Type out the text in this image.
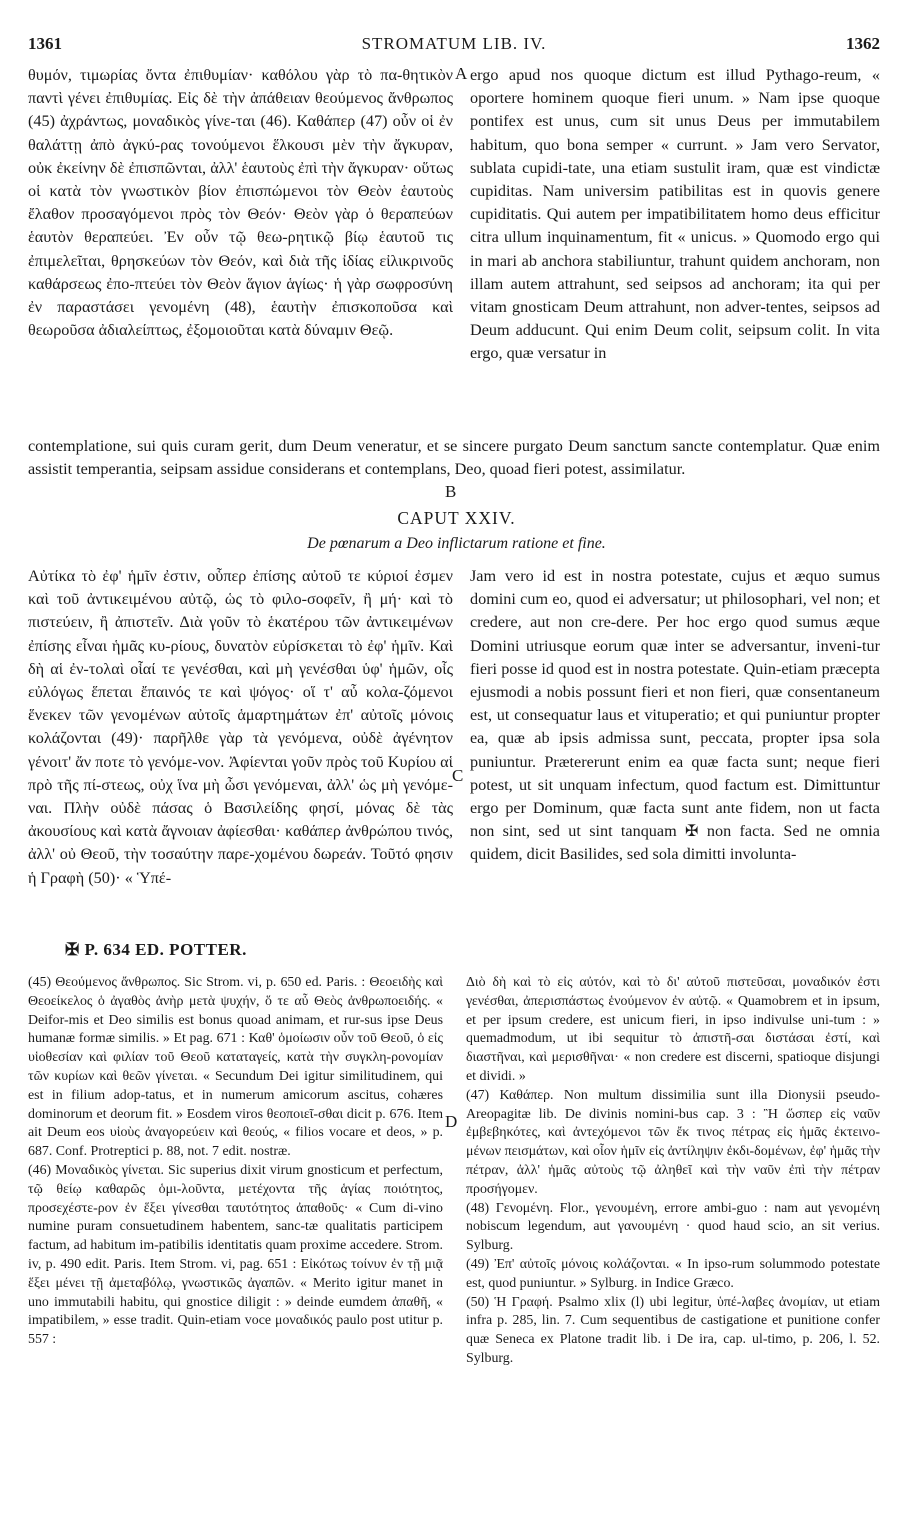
1361	STROMATUM LIB. IV.	1362

θυμόν, τιμωρίας ὄντα ἐπιθυμίαν· καθόλου γὰρ τὸ πα-θητικὸν παντὶ γένει ἐπιθυμίας. Εἰς δὲ τὴν ἀπάθειαν θεούμενος ἄνθρωπος (45) ἀχράντως, μοναδικὸς γίνε-ται (46). Καθάπερ (47) οὖν οἱ ἐν θαλάττῃ ἀπὸ ἀγκύ-ρας τονούμενοι ἕλκουσι μὲν τὴν ἄγκυραν, οὐκ ἐκείνην δὲ ἐπισπῶνται, ἀλλ' ἑαυτοὺς ἐπὶ τὴν ἄγκυραν· οὕτως οἱ κατὰ τὸν γνωστικὸν βίον ἐπισπώμενοι τὸν Θεὸν ἑαυτοὺς ἔλαθον προσαγόμενοι πρὸς τὸν Θεόν· Θεὸν γὰρ ὁ θεραπεύων ἑαυτὸν θεραπεύει. Ἐν οὖν τῷ θεω-ρητικῷ βίῳ ἑαυτοῦ τις ἐπιμελεῖται, θρησκεύων τὸν Θεόν, καὶ διὰ τῆς ἰδίας εἰλικρινοῦς καθάρσεως ἐπο-πτεύει τὸν Θεὸν ἅγιον ἁγίως· ἡ γὰρ σωφροσύνη ἐν παραστάσει γενομένη (48), ἑαυτὴν ἐπισκοποῦσα καὶ θεωροῦσα ἀδιαλείπτως, ἐξομοιοῦται κατὰ δύναμιν Θεῷ.

A ergo apud nos quoque dictum est illud Pythago-reum, « oportere hominem quoque fieri unum. » Nam ipse quoque pontifex est unus, cum sit unus Deus per immutabilem habitum, quo bona semper « currunt. » Jam vero Servator, sublata cupidi-tate, una etiam sustulit iram, quæ est vindictæ cupiditas. Nam universim patibilitas est in quovis genere cupiditatis. Qui autem per impatibilitatem homo deus efficitur citra ullum inquinamentum, fit « unicus. » Quomodo ergo qui in mari ab anchora stabiliuntur, trahunt quidem anchoram, non illam autem attrahunt, sed seipsos ad anchoram; ita qui per vitam gnosticam Deum attrahunt, non adver-tentes, seipsos ad Deum adducunt. Qui enim Deum colit, seipsum colit. In vita ergo, quæ versatur in

contemplatione, sui quis curam gerit, dum Deum veneratur, et se sincere purgato Deum sanctum sancte contemplatur. Quæ enim assistit temperantia, seipsam assidue considerans et contemplans, Deo, quoad fieri potest, assimilatur.

B
CAPUT XXIV.
De pœnarum a Deo inflictarum ratione et fine.

Αὐτίκα τὸ ἐφ' ἡμῖν ἐστιν, οὗπερ ἐπίσης αὐτοῦ τε κύριοί ἐσμεν καὶ τοῦ ἀντικειμένου αὐτῷ, ὡς τὸ φιλο-σοφεῖν, ἢ μή· καὶ τὸ πιστεύειν, ἢ ἀπιστεῖν. Διὰ γοῦν τὸ ἑκατέρου τῶν ἀντικειμένων ἐπίσης εἶναι ἡμᾶς κυ-ρίους, δυνατὸν εὑρίσκεται τὸ ἐφ' ἡμῖν. Καὶ δὴ αἱ ἐν-τολαὶ οἷαί τε γενέσθαι, καὶ μὴ γενέσθαι ὑφ' ἡμῶν, οἷς εὐλόγως ἕπεται ἔπαινός τε καὶ ψόγος· οἵ τ' αὖ κολα-ζόμενοι ἕνεκεν τῶν γενομένων αὐτοῖς ἁμαρτημάτων ἐπ' αὐτοῖς μόνοις κολάζονται (49)· παρῆλθε γὰρ τὰ γενόμενα, οὐδὲ ἀγένητον γένοιτ' ἄν ποτε τὸ γενόμε-νον. Ἀφίενται γοῦν πρὸς τοῦ Κυρίου αἱ πρὸ τῆς πί-στεως, οὐχ ἵνα μὴ ὦσι γενόμεναι, ἀλλ' ὡς μὴ γενόμε-ναι. Πλὴν οὐδὲ πάσας ὁ Βασιλείδης φησί, μόνας δὲ τὰς ἀκουσίους καὶ κατὰ ἄγνοιαν ἀφίεσθαι· καθάπερ ἀνθρώπου τινός, ἀλλ' οὐ Θεοῦ, τὴν τοσαύτην παρε-χομένου δωρεάν. Τοῦτό φησιν ἡ Γραφὴ (50)· « Ὑπέ-

C

Jam vero id est in nostra potestate, cujus et æquo sumus domini cum eo, quod ei adversatur; ut philosophari, vel non; et credere, aut non cre-dere. Per hoc ergo quod sumus æque Domini utriusque eorum quæ inter se adversantur, inveni-tur fieri posse id quod est in nostra potestate. Quin-etiam præcepta ejusmodi a nobis possunt fieri et non fieri, quæ consentaneum est, ut consequatur laus et vituperatio; et qui puniuntur propter ea, quæ ab ipsis admissa sunt, peccata, propter ipsa sola puniuntur. Prætererunt enim ea quæ facta sunt; neque fieri potest, ut sit unquam infectum, quod factum est. Dimittuntur ergo per Dominum, quæ facta sunt ante fidem, non ut facta non sint, sed ut sint tanquam ✠ non facta. Sed ne omnia quidem, dicit Basilides, sed sola dimitti involunta-

✠ P. 634 ED. POTTER.

(45) Θεούμενος ἄνθρωπος. Sic Strom. vi, p. 650 ed. Paris. : Θεοειδὴς καὶ Θεοείκελος ὁ ἀγαθὸς ἀνὴρ μετὰ ψυχήν, ὅ τε αὖ Θεὸς ἀνθρωποειδής. « Deifor-mis et Deo similis est bonus quoad animam, et rur-sus ipse Deus humanæ formæ similis. » Et pag. 671 : Καθ' ὁμοίωσιν οὖν τοῦ Θεοῦ, ὁ εἰς υἱοθεσίαν καὶ φιλίαν τοῦ Θεοῦ καταταγείς, κατὰ τὴν συγκλη-ρονομίαν τῶν κυρίων καὶ θεῶν γίνεται. « Secundum Dei igitur similitudinem, qui est in filium adop-tatus, et in numerum amicorum ascitus, cohæres dominorum et deorum fit. » Eosdem viros θεοποιεῖ-σθαι dicit p. 676. Item ait Deum eos υἱοὺς ἀναγορεύειν καὶ θεούς, « filios vocare et deos, » p. 687. Conf. Protreptici p. 88, not. 7 edit. nostræ.

(46) Μοναδικὸς γίνεται. Sic superius dixit virum gnosticum et perfectum, τῷ θείῳ καθαρῶς ὁμι-λοῦντα, μετέχοντα τῆς ἁγίας ποιότητος, προσεχέστε-ρον ἐν ἕξει γίνεσθαι ταυτότητος ἀπαθοῦς· « Cum di-vino numine puram consuetudinem habentem, sanc-tæ qualitatis participem factum, ad habitum im-patibilis identitatis quam proxime accedere. Strom. iv, p. 490 edit. Paris. Item Strom. vi, pag. 651 : Εἰκότως τοίνυν ἐν τῇ μιᾷ ἕξει μένει τῇ ἀμεταβόλῳ, γνωστικῶς ἀγαπῶν. « Merito igitur manet in uno immutabili habitu, qui gnostice diligit : » deinde eumdem ἀπαθῆ, « impatibilem, » esse tradit. Quin-etiam voce μοναδικός paulo post utitur p. 557 :

D

Διὸ δὴ καὶ τὸ εἰς αὐτόν, καὶ τὸ δι' αὐτοῦ πιστεῦσαι, μοναδικόν ἐστι γενέσθαι, ἀπερισπάστως ἑνούμενον ἐν αὐτῷ. « Quamobrem et in ipsum, et per ipsum credere, est unicum fieri, in ipso indivulse uni-tum : » quemadmodum, ut ibi sequitur τὸ ἀπιστῆ-σαι διστάσαι ἐστί, καὶ διαστῆναι, καὶ μερισθῆναι· « non credere est discerni, spatioque disjungi et dividi. »

(47) Καθάπερ. Non multum dissimilia sunt illa Dionysii pseudo-Areopagitæ lib. De divinis nomini-bus cap. 3 : Ἢ ὥσπερ εἰς ναῦν ἐμβεβηκότες, καὶ ἀντεχόμενοι τῶν ἔκ τινος πέτρας εἰς ἡμᾶς ἐκτεινο-μένων πεισμάτων, καὶ οἷον ἡμῖν εἰς ἀντίληψιν ἐκδι-δομένων, ἐφ' ἡμᾶς τὴν πέτραν, ἀλλ' ἡμᾶς αὐτοὺς τῷ ἀληθεῖ καὶ τὴν ναῦν ἐπὶ τὴν πέτραν προσήγομεν.

(48) Γενομένη. Flor., γενουμένη, errore ambi-guo : nam aut γενομένη nobiscum legendum, aut γανουμένη · quod haud scio, an sit verius. Sylburg.

(49) Ἐπ' αὐτοῖς μόνοις κολάζονται. « In ipso-rum solummodo potestate est, quod puniuntur. » Sylburg. in Indice Græco.

(50) Ἡ Γραφή. Psalmo xlix (l) ubi legitur, ὑπέ-λαβες ἀνομίαν, ut etiam infra p. 285, lin. 7. Cum sequentibus de castigatione et punitione confer quæ Seneca ex Platone tradit lib. i De ira, cap. ul-timo, p. 206, l. 52. Sylburg.
